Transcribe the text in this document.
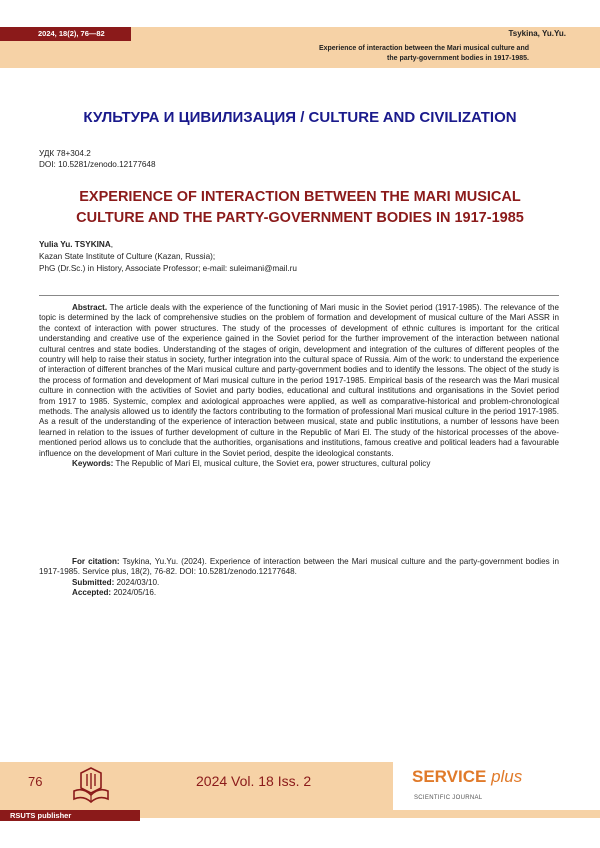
2024, 18(2), 76—82	Tsykina, Yu.Yu.
Experience of interaction between the Mari musical culture and
the party-government bodies in 1917-1985.
КУЛЬТУРА И ЦИВИЛИЗАЦИЯ / CULTURE AND CIVILIZATION
УДК 78+304.2
DOI: 10.5281/zenodo.12177648
EXPERIENCE OF INTERACTION BETWEEN THE MARI MUSICAL
CULTURE AND THE PARTY-GOVERNMENT BODIES IN 1917-1985
Yulia Yu. TSYKINA,
Kazan State Institute of Culture (Kazan, Russia);
PhG (Dr.Sc.) in History, Associate Professor; e-mail: suleimani@mail.ru

Abstract. The article deals with the experience of the functioning of Mari music in the Soviet period (1917-1985). The relevance of the topic is determined by the lack of comprehensive studies on the problem of formation and development of musical culture of the Mari ASSR in the context of interaction with power structures. The study of the processes of development of ethnic cultures is important for the critical understanding and creative use of the experience gained in the Soviet period for the further improvement of the interaction between national cultural centres and state bodies. Understanding of the stages of origin, development and integration of the cultures of different peoples of the country will help to raise their status in society, further integration into the cultural space of Russia. Aim of the work: to understand the experience of interaction of different branches of the Mari musical culture and party-government bodies and to identify the lessons. The object of the study is the process of formation and development of Mari musical culture in the period 1917-1985. Empirical basis of the research was the Mari musical culture in connection with the activities of Soviet and party bodies, educational and cultural institutions and organisations in the Soviet period from 1917 to 1985. Systemic, complex and axiological approaches were applied, as well as comparative-historical and problem-chronological methods. The analysis allowed us to identify the factors contributing to the formation of professional Mari musical culture in the period 1917-1985. As a result of the understanding of the experience of interaction between musical, state and public institutions, a number of lessons have been learned in relation to the issues of further development of culture in the Republic of Mari El. The study of the historical processes of the above-mentioned period allows us to conclude that the authorities, organisations and institutions, famous creative and political leaders had a favourable influence on the development of Mari culture in the Soviet period, despite the ideological constants.

Keywords: The Republic of Mari El, musical culture, the Soviet era, power structures, cultural policy

For citation: Tsykina, Yu.Yu. (2024). Experience of interaction between the Mari musical culture and the party-government bodies in 1917-1985. Service plus, 18(2), 76-82. DOI: 10.5281/zenodo.12177648.

Submitted: 2024/03/10.

Accepted: 2024/05/16.

76	2024 Vol. 18 Iss. 2	SERVICE plus
SCIENTIFIC JOURNAL
RSUTS publisher
